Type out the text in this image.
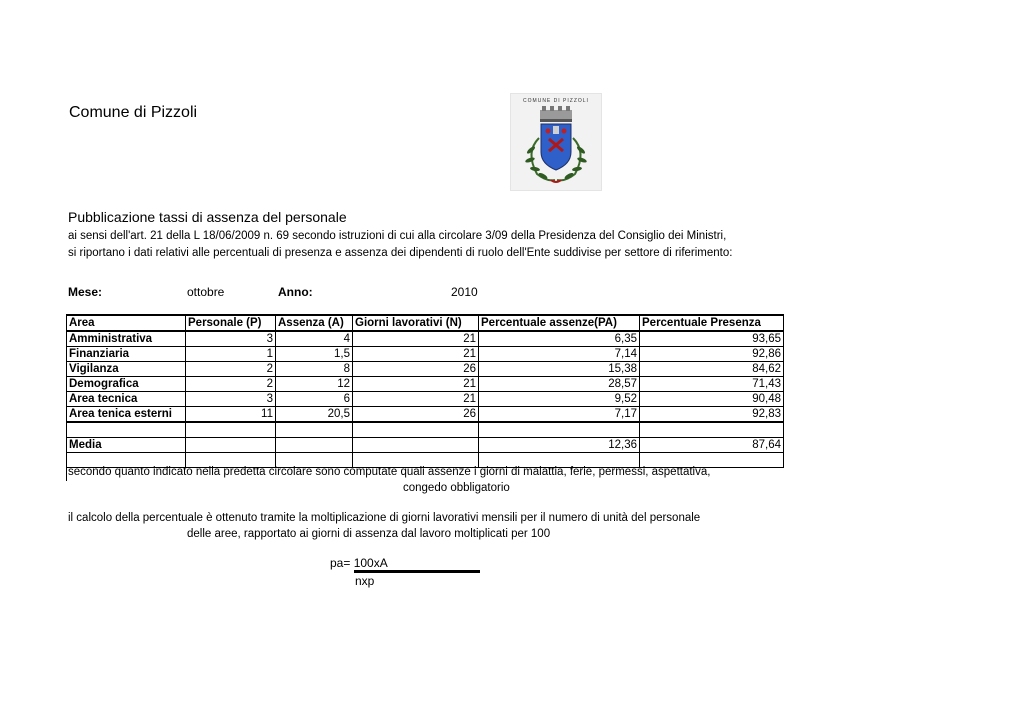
Comune di Pizzoli
COMUNE DI PIZZOLI
Pubblicazione tassi di assenza del personale
ai sensi dell'art. 21 della L 18/06/2009 n. 69 secondo istruzioni di cui alla circolare 3/09 della Presidenza del Consiglio dei Ministri,
si riportano i dati relativi alle percentuali di presenza e assenza dei dipendenti di ruolo dell'Ente suddivise per settore di riferimento:
Mese:	ottobre	Anno:	2010
Area	Personale (P)	Assenza (A)	Giorni lavorativi (N)	Percentuale assenze(PA)	Percentuale Presenza
Amministrativa	3	4	21	6,35	93,65
Finanziaria	1	1,5	21	7,14	92,86
Vigilanza	2	8	26	15,38	84,62
Demografica	2	12	21	28,57	71,43
Area tecnica	3	6	21	9,52	90,48
Area tenica esterni	11	20,5	26	7,17	92,83

Media				12,36	87,64

secondo quanto indicato nella predetta circolare sono computate quali assenze i giorni di malattia, ferie, permessi, aspettativa,
congedo obbligatorio
il calcolo della percentuale è ottenuto tramite la moltiplicazione di giorni lavorativi mensili per il numero di unità del personale
delle aree, rapportato ai giorni di assenza dal lavoro moltiplicati per 100
pa= 100xA
nxp
